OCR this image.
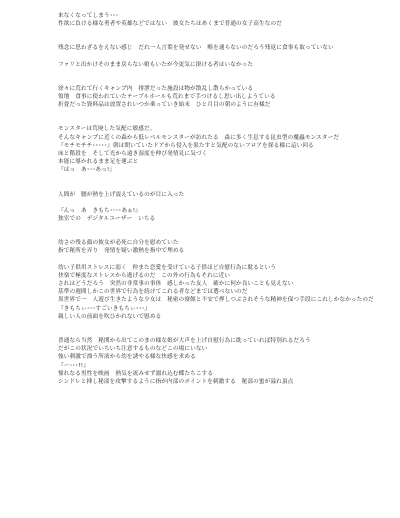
来なくなってしまう･･･
性欲に負ける様な勇者や英雄などではない　彼女たちはあくまで普通の女子高生なのだ
残念に思わざるをえない感じ　だれ一人言葉を発せない　喉を通らないのだろう残返に食事も取っていない
ファリと出かけそのまま戻らない娘もいたが今更気に掛ける者はいなかった
徐々に荒れて行くキャンプ内　排泄だった施設は物が散乱し散らかっている
領地　食事に使われていたテーブルホールも荒れまで手つけるし思い出しようている
折畳だった資料品は放置されいつか乗っていき始末　ひと月目の朝のように有様だ
モンスターは荒廃した気配に敏感だ。
そんなキャンプに近くの森から低レベルモンスターが訪れたる　森に多く生息する昆虫型の魔蟲モンスターだ
『モチモチチ･････』朝は開いていたドアから侵入を果たすと気配のないフロアを探る様に這い回る
床と階段を　そして光から遠き湿度を伸び発情見に気づく
本能に導かれるまま足を運ぶと
『はっ　あ･･･あっ!』
人間が　腰が熱を上げ震えているのが目に入った
『んっ　あ　きもち････あぁ!』
独室での　デジタルユーザー　いちる
幼さの残る顔の彼女が必死に自分を慰めていた
指で秘所を弄り　発情を疑い激熱を指中で埋める
幼い子供用ストレスに弱く　仲また恋愛を受けている子供ほど自慰行為に耽るという
快楽で極度なストレスから逃げるのだ　この外の行為もそれに近い
されはどうだろう　突然の非常事の事体　感しかった友人　確かに何か良いことも見えない
基準の週間しかこの世界で行為を続けてこれる者などまでは選べないのだ
異世界で一　人遊び生きたような少女は　秘密の寮館と不安で押しつぶされそうな精神を保つ手段にこれしかなかったのだ
『きもちぃ･･･すごいきもちぃ･･･』
親しい人の前面を吹ひかれないで慰める
普通なら当然　秘関から出てこのまの様な娘が大声を上げ自慰行為に耽っていれば特別れるだろう
だがこの状況でいちいち注意するものなどこの場にいない
強い刺激で漂う所液から幼を誘やる様な快感を求める
『ー･･･!!』
憧れなる男性を映画　熱気を流みせず溺れ込む蝶たちこする
シンドレと挿し秘部を攻撃するように指が内部のポイントを刺激する　秘部の蜜が溢れ頂点
